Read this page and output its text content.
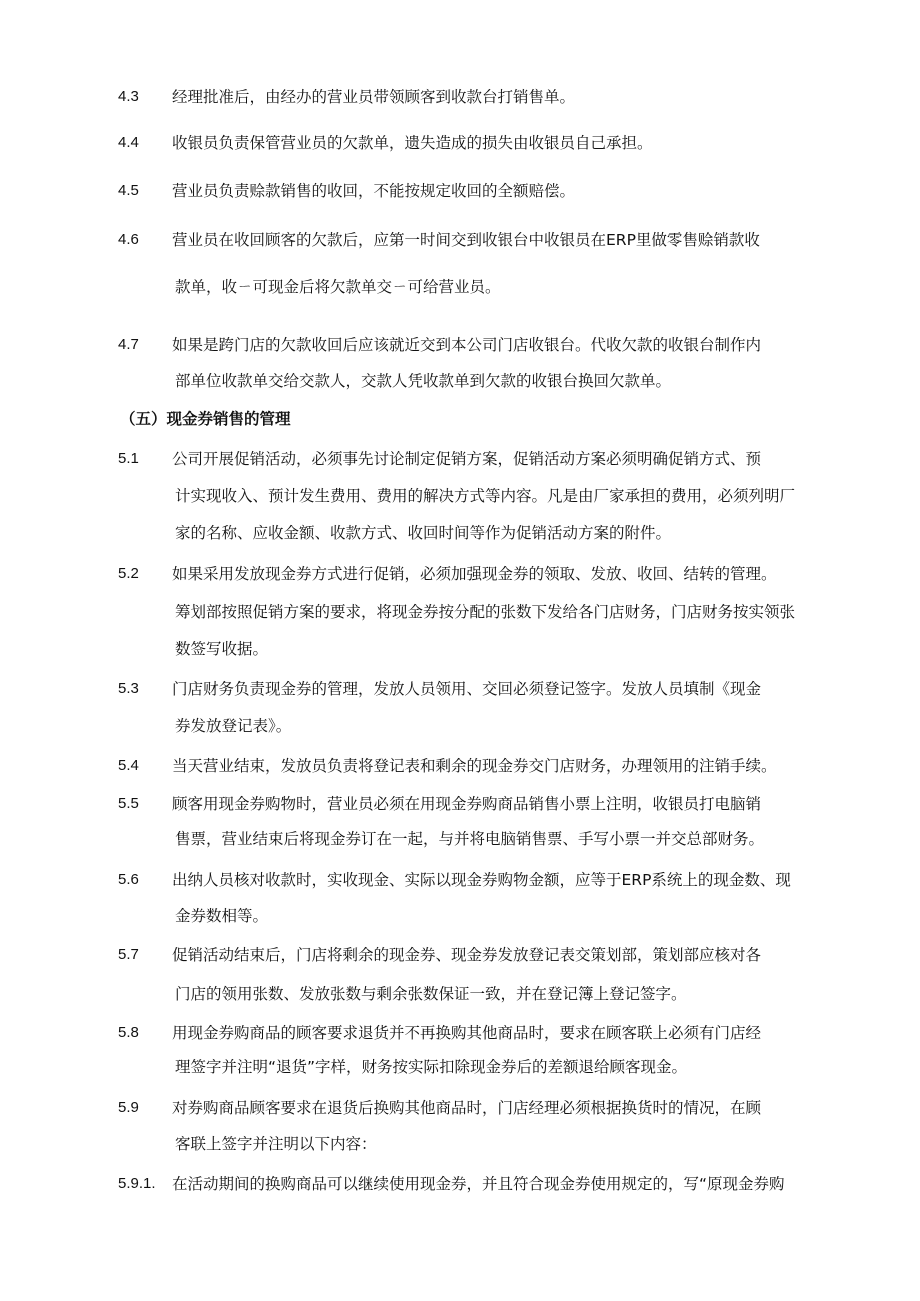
4.3 经理批准后，由经办的营业员带领顾客到收款台打销售单。
4.4 收银员负责保管营业员的欠款单，遗失造成的损失由收银员自己承担。
4.5 营业员负责赊款销售的收回，不能按规定收回的全额赔偿。
4.6 营业员在收回顾客的欠款后，应第一时间交到收银台中收银员在ERP里做零售赊销款收
款单，收ㄧ可现金后将欠款单交ㄧ可给营业员。
4.7 如果是跨门店的欠款收回后应该就近交到本公司门店收银台。代收欠款的收银台制作内
部单位收款单交给交款人，交款人凭收款单到欠款的收银台换回欠款单。
（五）现金券销售的管理
5.1 公司开展促销活动，必须事先讨论制定促销方案，促销活动方案必须明确促销方式、预
计实现收入、预计发生费用、费用的解决方式等内容。凡是由厂家承担的费用，必须列明厂
家的名称、应收金额、收款方式、收回时间等作为促销活动方案的附件。
5.2 如果采用发放现金券方式进行促销，必须加强现金券的领取、发放、收回、结转的管理。
筹划部按照促销方案的要求，将现金券按分配的张数下发给各门店财务，门店财务按实领张
数签写收据。
5.3 门店财务负责现金券的管理，发放人员领用、交回必须登记签字。发放人员填制《现金
券发放登记表》。
5.4 当天营业结束，发放员负责将登记表和剩余的现金券交门店财务，办理领用的注销手续。
5.5 顾客用现金券购物时，营业员必须在用现金券购商品销售小票上注明，收银员打电脑销
售票，营业结束后将现金券订在一起，与并将电脑销售票、手写小票一并交总部财务。
5.6 出纳人员核对收款时，实收现金、实际以现金券购物金额，应等于ERP系统上的现金数、现
金券数相等。
5.7 促销活动结束后，门店将剩余的现金券、现金券发放登记表交策划部，策划部应核对各
门店的领用张数、发放张数与剩余张数保证一致，并在登记簿上登记签字。
5.8 用现金券购商品的顾客要求退货并不再换购其他商品时，要求在顾客联上必须有门店经
理签字并注明“退货”字样，财务按实际扣除现金券后的差额退给顾客现金。
5.9 对券购商品顾客要求在退货后换购其他商品时，门店经理必须根据换货时的情况，在顾
客联上签字并注明以下内容：
5.9.1. 在活动期间的换购商品可以继续使用现金券，并且符合现金券使用规定的，写“原现金券购
